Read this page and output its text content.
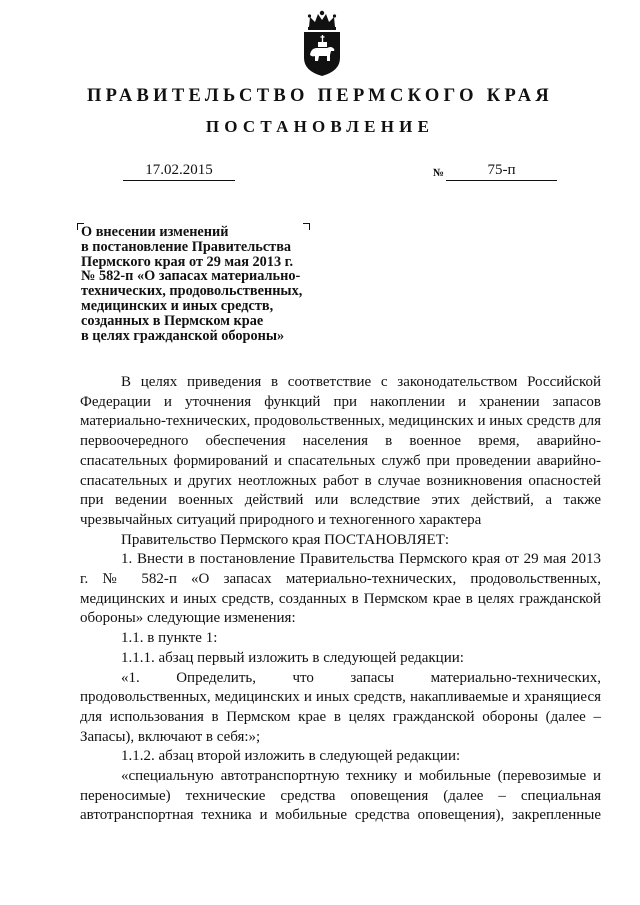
ПРАВИТЕЛЬСТВО ПЕРМСКОГО КРАЯ
ПОСТАНОВЛЕНИЕ
17.02.2015	№	75-п
О внесении изменений
в постановление Правительства
Пермского края от 29 мая 2013 г.
№ 582-п «О запасах материально-
технических, продовольственных,
медицинских и иных средств,
созданных в Пермском крае
в целях гражданской обороны»

В целях приведения в соответствие с законодательством Российской Федерации и уточнения функций при накоплении и хранении запасов материально-технических, продовольственных, медицинских и иных средств для первоочередного обеспечения населения в военное время, аварийно-спасательных формирований и спасательных служб при проведении аварийно-спасательных и других неотложных работ в случае возникновения опасностей при ведении военных действий или вследствие этих действий, а также чрезвычайных ситуаций природного и техногенного характера

Правительство Пермского края ПОСТАНОВЛЯЕТ:

1. Внести в постановление Правительства Пермского края от 29 мая 2013 г. № 582-п «О запасах материально-технических, продовольственных, медицинских и иных средств, созданных в Пермском крае в целях гражданской обороны» следующие изменения:

1.1. в пункте 1:

1.1.1. абзац первый изложить в следующей редакции:

«1. Определить, что запасы материально-технических, продовольственных, медицинских и иных средств, накапливаемые и хранящиеся для использования в Пермском крае в целях гражданской обороны (далее – Запасы), включают в себя:»;

1.1.2. абзац второй изложить в следующей редакции:

«специальную автотранспортную технику и мобильные (перевозимые и переносимые) технические средства оповещения (далее – специальная автотранспортная техника и мобильные средства оповещения), закрепленные
